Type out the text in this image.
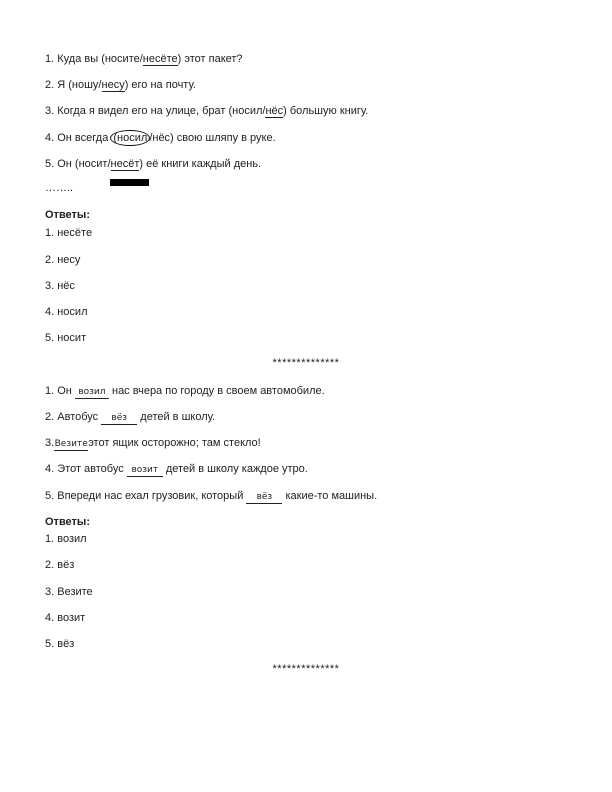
1. Куда вы (носите/несёте) этот пакет?
2. Я (ношу/несу) его на почту.
3. Когда я видел его на улице, брат (носил/нёс) большую книгу.
4. Он всегда (носил /нёс) свою шляпу в руке.
5. Он (носит/несёт) её книги каждый день.
……..
Ответы:
1. несёте
2. несу
3. нёс
4. носил
5. носит
**************
1. Он возил нас вчера по городу в своем автомобиле.
2. Автобус вёз детей в школу.
3.Везитеэтот ящик осторожно; там стекло!
4. Этот автобус возит детей в школу каждое утро.
5. Впереди нас ехал грузовик, который вёз какие-то машины.
Ответы:
1. возил
2. вёз
3. Везите
4. возит
5. вёз
**************
